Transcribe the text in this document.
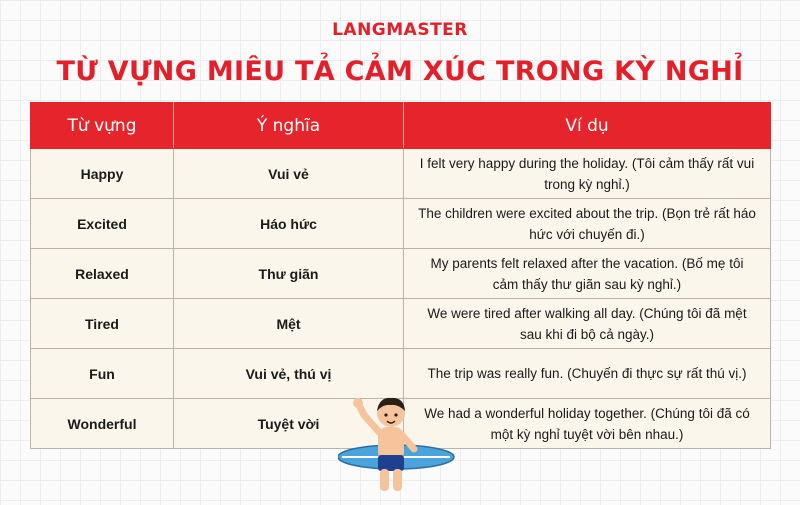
LANGMASTER
TỪ VỰNG MIÊU TẢ CẢM XÚC TRONG KỲ NGHỈ
Từ vựng	Ý nghĩa	Ví dụ
Happy	Vui vẻ	I felt very happy during the holiday. (Tôi cảm thấy rất vui trong kỳ nghỉ.)

Excited	Háo hức	The children were excited about the trip. (Bọn trẻ rất háo hức với chuyến đi.)

Relaxed	Thư giãn	My parents felt relaxed after the vacation. (Bố mẹ tôi cảm thấy thư giãn sau kỳ nghỉ.)

Tired	Mệt	We were tired after walking all day. (Chúng tôi đã mệt sau khi đi bộ cả ngày.)

Fun	Vui vẻ, thú vị	The trip was really fun. (Chuyến đi thực sự rất thú vị.)

Wonderful	Tuyệt vời	We had a wonderful holiday together. (Chúng tôi đã có một kỳ nghỉ tuyệt vời bên nhau.)
